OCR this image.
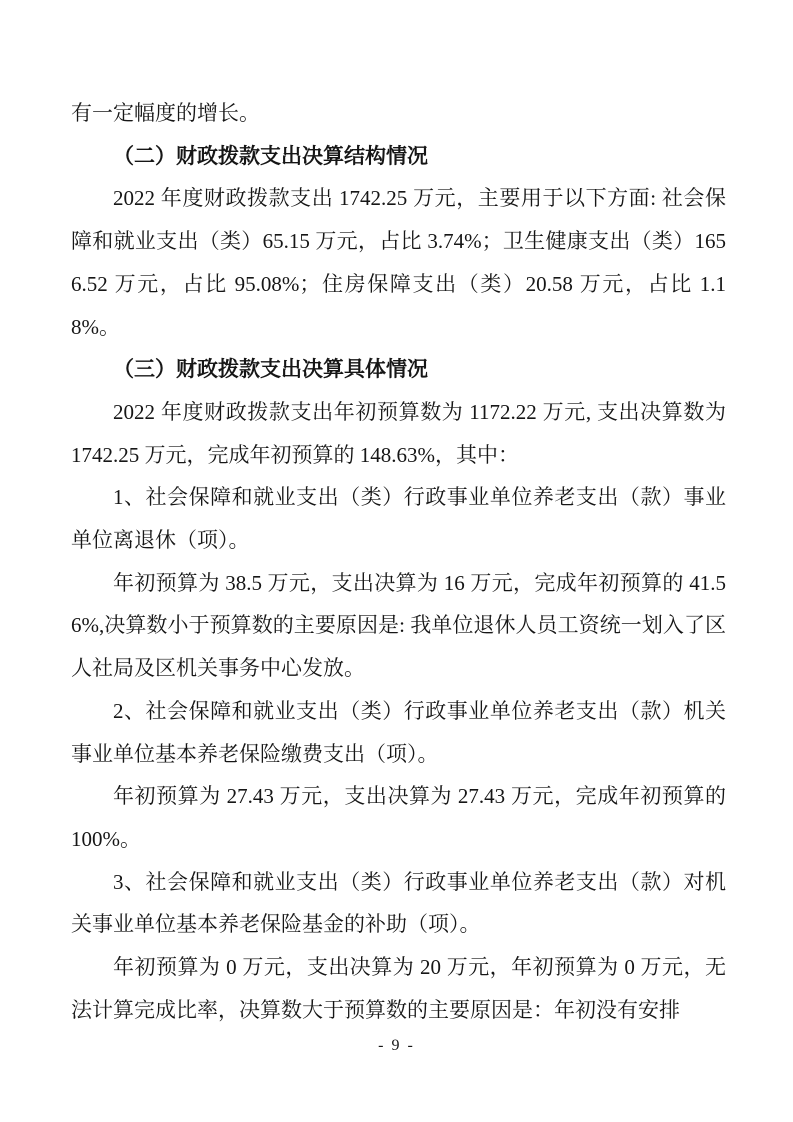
有一定幅度的增长。

（二）财政拨款支出决算结构情况

2022 年度财政拨款支出 1742.25 万元，主要用于以下方面: 社会保障和就业支出（类）65.15 万元，占比 3.74%；卫生健康支出（类）1656.52 万元，占比 95.08%；住房保障支出（类）20.58 万元，占比 1.18%。

（三）财政拨款支出决算具体情况

2022 年度财政拨款支出年初预算数为 1172.22 万元, 支出决算数为 1742.25 万元，完成年初预算的 148.63%，其中：

1、社会保障和就业支出（类）行政事业单位养老支出（款）事业单位离退休（项）。

年初预算为 38.5 万元，支出决算为 16 万元，完成年初预算的 41.56%,决算数小于预算数的主要原因是: 我单位退休人员工资统一划入了区人社局及区机关事务中心发放。

2、社会保障和就业支出（类）行政事业单位养老支出（款）机关事业单位基本养老保险缴费支出（项）。

年初预算为 27.43 万元，支出决算为 27.43 万元，完成年初预算的 100%。

3、社会保障和就业支出（类）行政事业单位养老支出（款）对机关事业单位基本养老保险基金的补助（项）。

年初预算为 0 万元，支出决算为 20 万元，年初预算为 0 万元，无法计算完成比率，决算数大于预算数的主要原因是：年初没有安排

- 9 -
